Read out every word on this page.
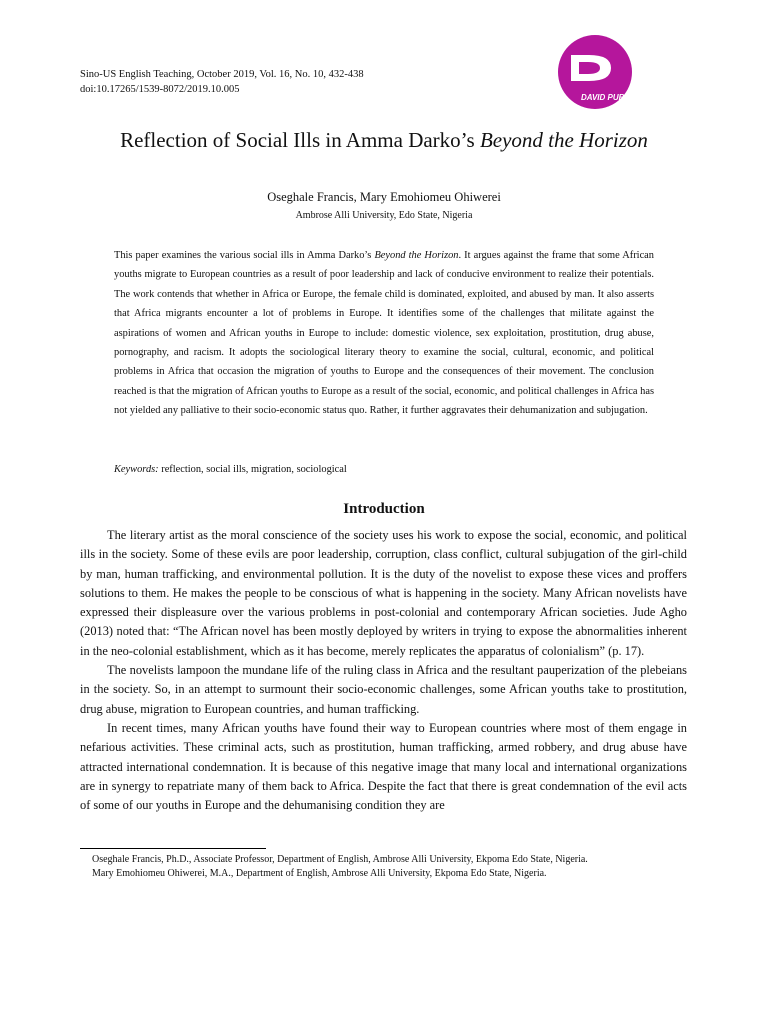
Sino-US English Teaching, October 2019, Vol. 16, No. 10, 432-438
doi:10.17265/1539-8072/2019.10.005
DAVID PUBLISHING
Reflection of Social Ills in Amma Darko’s Beyond the Horizon
Oseghale Francis, Mary Emohiomeu Ohiwerei
Ambrose Alli University, Edo State, Nigeria
This paper examines the various social ills in Amma Darko’s Beyond the Horizon. It argues against the frame that some African youths migrate to European countries as a result of poor leadership and lack of conducive environment to realize their potentials. The work contends that whether in Africa or Europe, the female child is dominated, exploited, and abused by man. It also asserts that Africa migrants encounter a lot of problems in Europe. It identifies some of the challenges that militate against the aspirations of women and African youths in Europe to include: domestic violence, sex exploitation, prostitution, drug abuse, pornography, and racism. It adopts the sociological literary theory to examine the social, cultural, economic, and political problems in Africa that occasion the migration of youths to Europe and the consequences of their movement. The conclusion reached is that the migration of African youths to Europe as a result of the social, economic, and political challenges in Africa has not yielded any palliative to their socio-economic status quo. Rather, it further aggravates their dehumanization and subjugation.
Keywords: reflection, social ills, migration, sociological
Introduction

The literary artist as the moral conscience of the society uses his work to expose the social, economic, and political ills in the society. Some of these evils are poor leadership, corruption, class conflict, cultural subjugation of the girl-child by man, human trafficking, and environmental pollution. It is the duty of the novelist to expose these vices and proffers solutions to them. He makes the people to be conscious of what is happening in the society. Many African novelists have expressed their displeasure over the various problems in post-colonial and contemporary African societies. Jude Agho (2013) noted that: “The African novel has been mostly deployed by writers in trying to expose the abnormalities inherent in the neo-colonial establishment, which as it has become, merely replicates the apparatus of colonialism” (p. 17).

The novelists lampoon the mundane life of the ruling class in Africa and the resultant pauperization of the plebeians in the society. So, in an attempt to surmount their socio-economic challenges, some African youths take to prostitution, drug abuse, migration to European countries, and human trafficking.

In recent times, many African youths have found their way to European countries where most of them engage in nefarious activities. These criminal acts, such as prostitution, human trafficking, armed robbery, and drug abuse have attracted international condemnation. It is because of this negative image that many local and international organizations are in synergy to repatriate many of them back to Africa. Despite the fact that there is great condemnation of the evil acts of some of our youths in Europe and the dehumanising condition they are

Oseghale Francis, Ph.D., Associate Professor, Department of English, Ambrose Alli University, Ekpoma Edo State, Nigeria.
Mary Emohiomeu Ohiwerei, M.A., Department of English, Ambrose Alli University, Ekpoma Edo State, Nigeria.
